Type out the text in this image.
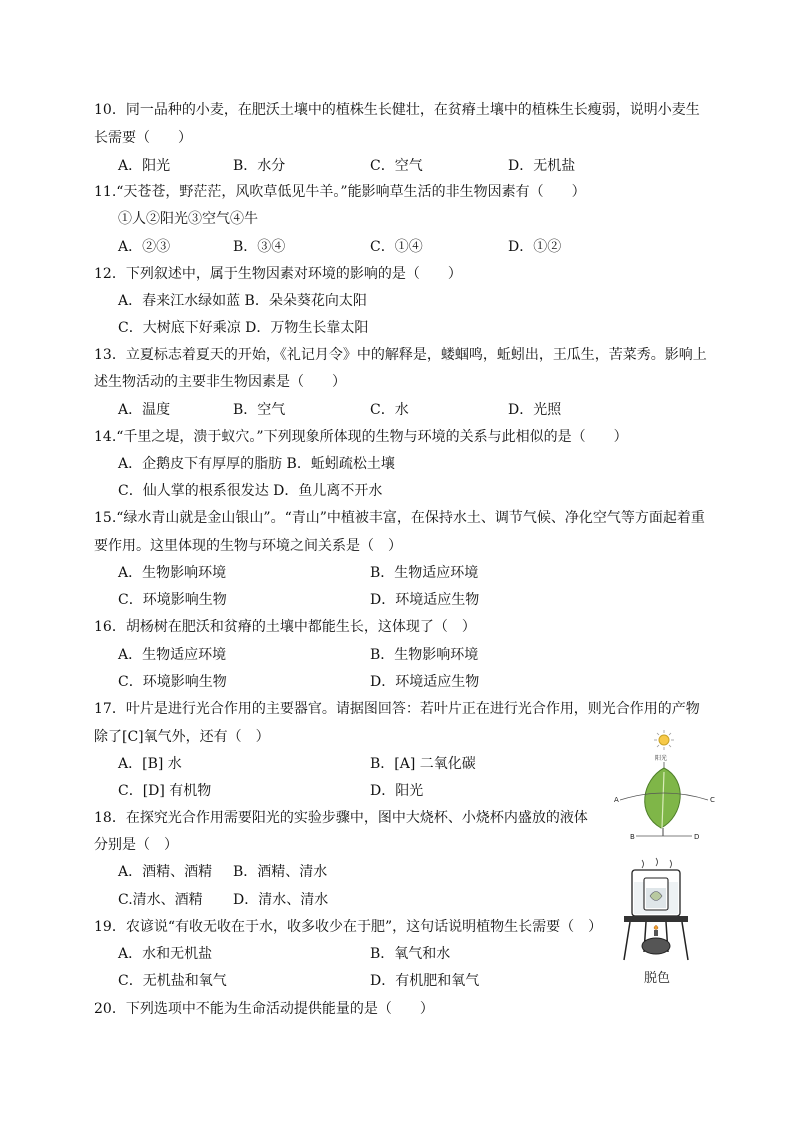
10．同一品种的小麦，在肥沃土壤中的植株生长健壮，在贫瘠土壤中的植株生长瘦弱，说明小麦生
长需要（　　）
A．阳光	B．水分	C．空气	D．无机盐
11.“天苍苍，野茫茫，风吹草低见牛羊。”能影响草生活的非生物因素有（　　）
①人②阳光③空气④牛
A．②③	B．③④	C．①④	D．①②
12．下列叙述中，属于生物因素对环境的影响的是（　　）
A．春来江水绿如蓝 B．朵朵葵花向太阳
C．大树底下好乘凉 D．万物生长靠太阳
13．立夏标志着夏天的开始，《礼记月令》中的解释是，蝼蝈鸣，蚯蚓出，王瓜生，苦菜秀。影响上
述生物活动的主要非生物因素是（　　）
A．温度	B．空气	C．水	D．光照
14.“千里之堤，溃于蚁穴。”下列现象所体现的生物与环境的关系与此相似的是（　　）
A．企鹅皮下有厚厚的脂肪 B．蚯蚓疏松土壤
C．仙人掌的根系很发达 D．鱼儿离不开水
15.“绿水青山就是金山银山”。“青山”中植被丰富，在保持水土、调节气候、净化空气等方面起着重
要作用。这里体现的生物与环境之间关系是（　）
A．生物影响环境	B．生物适应环境
C．环境影响生物	D．环境适应生物
16．胡杨树在肥沃和贫瘠的土壤中都能生长，这体现了（　）
A．生物适应环境	B．生物影响环境
C．环境影响生物	D．环境适应生物
17．叶片是进行光合作用的主要器官。请据图回答：若叶片正在进行光合作用，则光合作用的产物
除了[C]氧气外，还有（　）
A．[B] 水	B．[A] 二氧化碳
C．[D] 有机物	D．阳光
18．在探究光合作用需要阳光的实验步骤中，图中大烧杯、小烧杯内盛放的液体
分别是（　）
A．酒精、酒精 B．酒精、清水
C.清水、酒精 D．清水、清水
19．农谚说“有收无收在于水，收多收少在于肥”，这句话说明植物生长需要（　）
A．水和无机盐	B．氧气和水
C．无机盐和氧气	D．有机肥和氧气
20．下列选项中不能为生命活动提供能量的是（　　）
阳光
A
B
C
D
脱色
